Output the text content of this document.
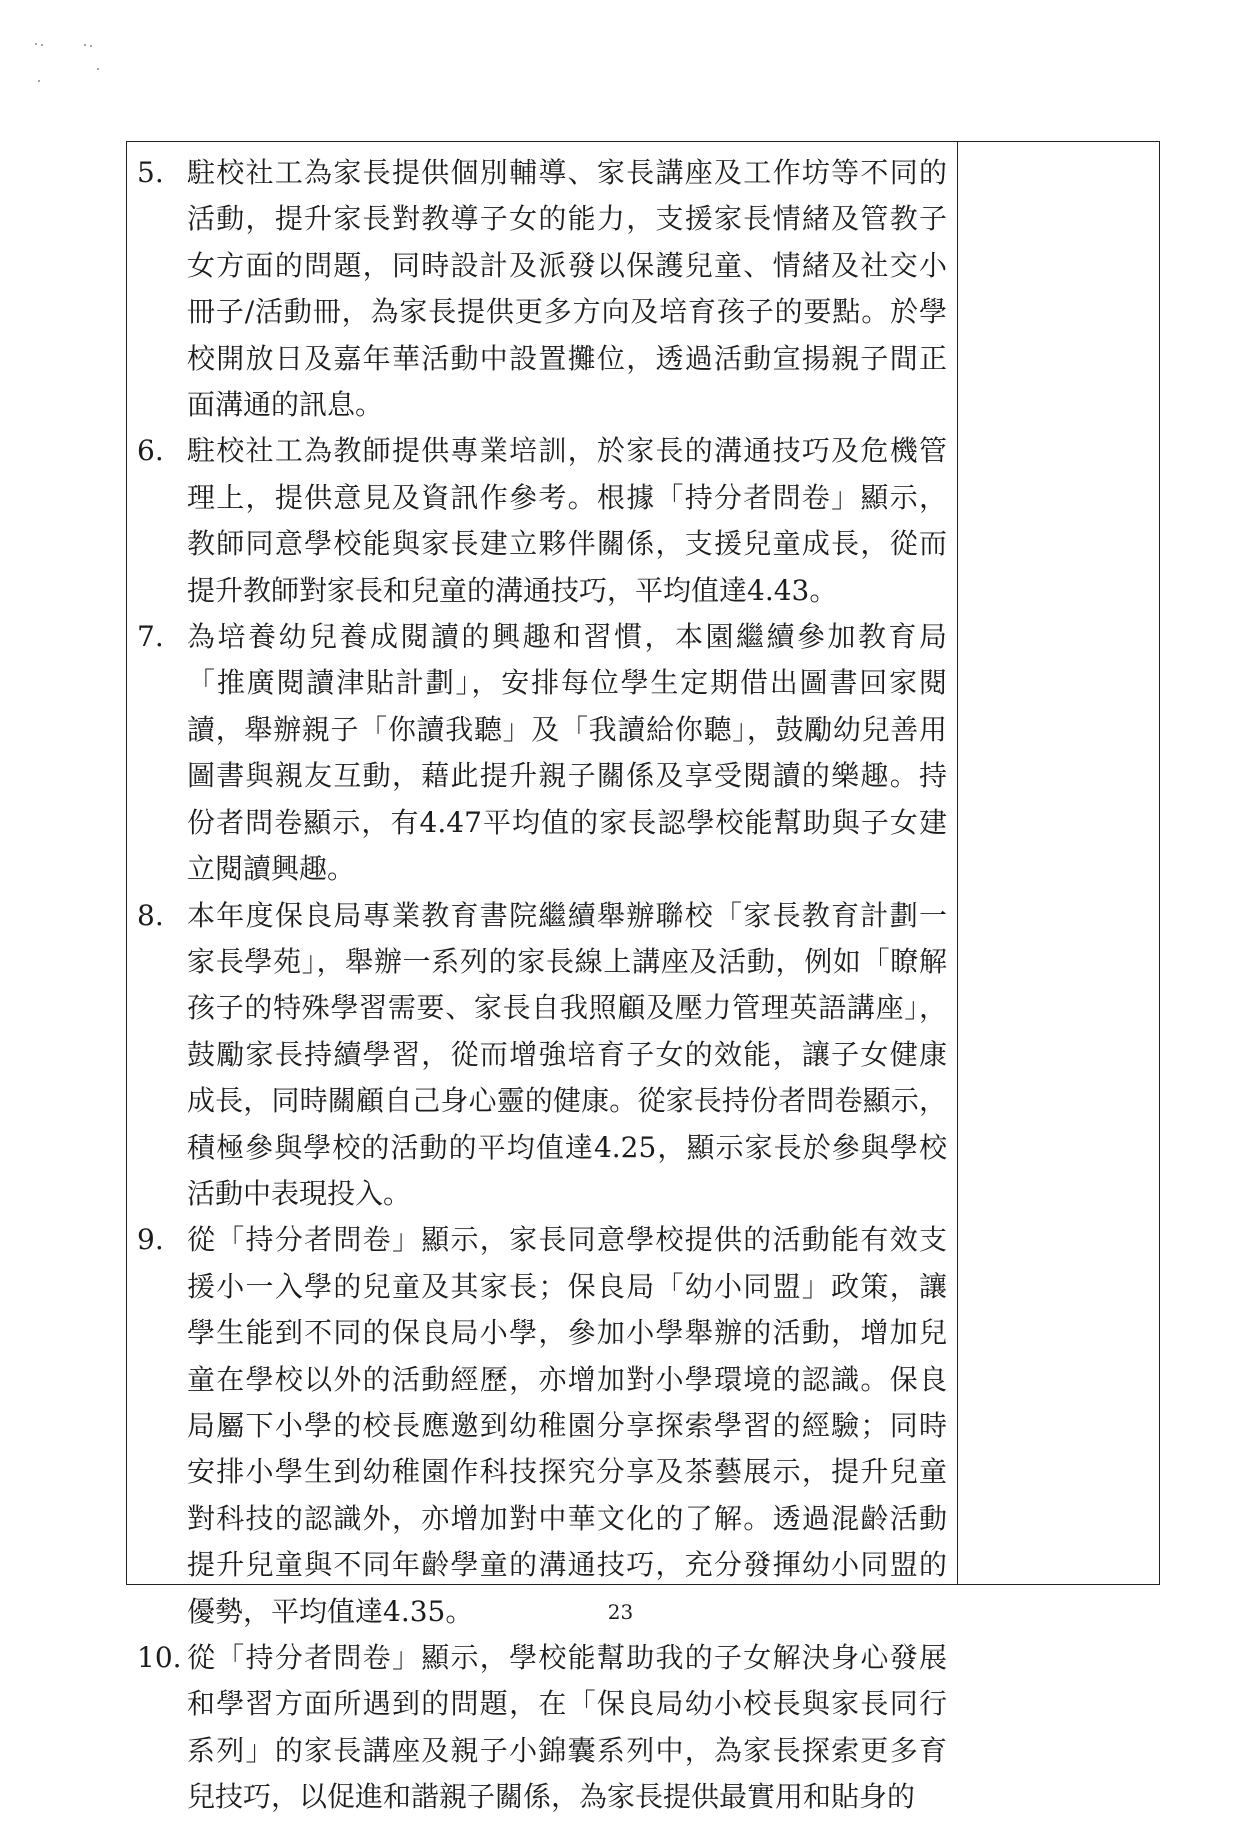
5. 駐校社工為家長提供個別輔導、家長講座及工作坊等不同的
活動，提升家長對教導子女的能力，支援家長情緒及管教子
女方面的問題，同時設計及派發以保護兒童、情緒及社交小
冊子/活動冊，為家長提供更多方向及培育孩子的要點。於學
校開放日及嘉年華活動中設置攤位，透過活動宣揚親子間正
面溝通的訊息。
6. 駐校社工為教師提供專業培訓，於家長的溝通技巧及危機管
理上，提供意見及資訊作參考。根據「持分者問卷」顯示，
教師同意學校能與家長建立夥伴關係，支援兒童成長，從而
提升教師對家長和兒童的溝通技巧，平均值達4.43。
7. 為培養幼兒養成閱讀的興趣和習慣，本園繼續參加教育局
「推廣閱讀津貼計劃」，安排每位學生定期借出圖書回家閱
讀，舉辦親子「你讀我聽」及「我讀給你聽」，鼓勵幼兒善用
圖書與親友互動，藉此提升親子關係及享受閱讀的樂趣。持
份者問卷顯示，有4.47平均值的家長認學校能幫助與子女建
立閱讀興趣。
8. 本年度保良局專業教育書院繼續舉辦聯校「家長教育計劃一
家長學苑」，舉辦一系列的家長線上講座及活動，例如「瞭解
孩子的特殊學習需要、家長自我照顧及壓力管理英語講座」，
鼓勵家長持續學習，從而增強培育子女的效能，讓子女健康
成長，同時關顧自己身心靈的健康。從家長持份者問卷顯示，
積極參與學校的活動的平均值達4.25，顯示家長於參與學校
活動中表現投入。
9. 從「持分者問卷」顯示，家長同意學校提供的活動能有效支
援小一入學的兒童及其家長；保良局「幼小同盟」政策，讓
學生能到不同的保良局小學，參加小學舉辦的活動，增加兒
童在學校以外的活動經歷，亦增加對小學環境的認識。保良
局屬下小學的校長應邀到幼稚園分享探索學習的經驗；同時
安排小學生到幼稚園作科技探究分享及茶藝展示，提升兒童
對科技的認識外，亦增加對中華文化的了解。透過混齡活動
提升兒童與不同年齡學童的溝通技巧，充分發揮幼小同盟的
優勢，平均值達4.35。
10. 從「持分者問卷」顯示，學校能幫助我的子女解決身心發展
和學習方面所遇到的問題，在「保良局幼小校長與家長同行
系列」的家長講座及親子小錦囊系列中，為家長探索更多育
兒技巧，以促進和諧親子關係，為家長提供最實用和貼身的
23
